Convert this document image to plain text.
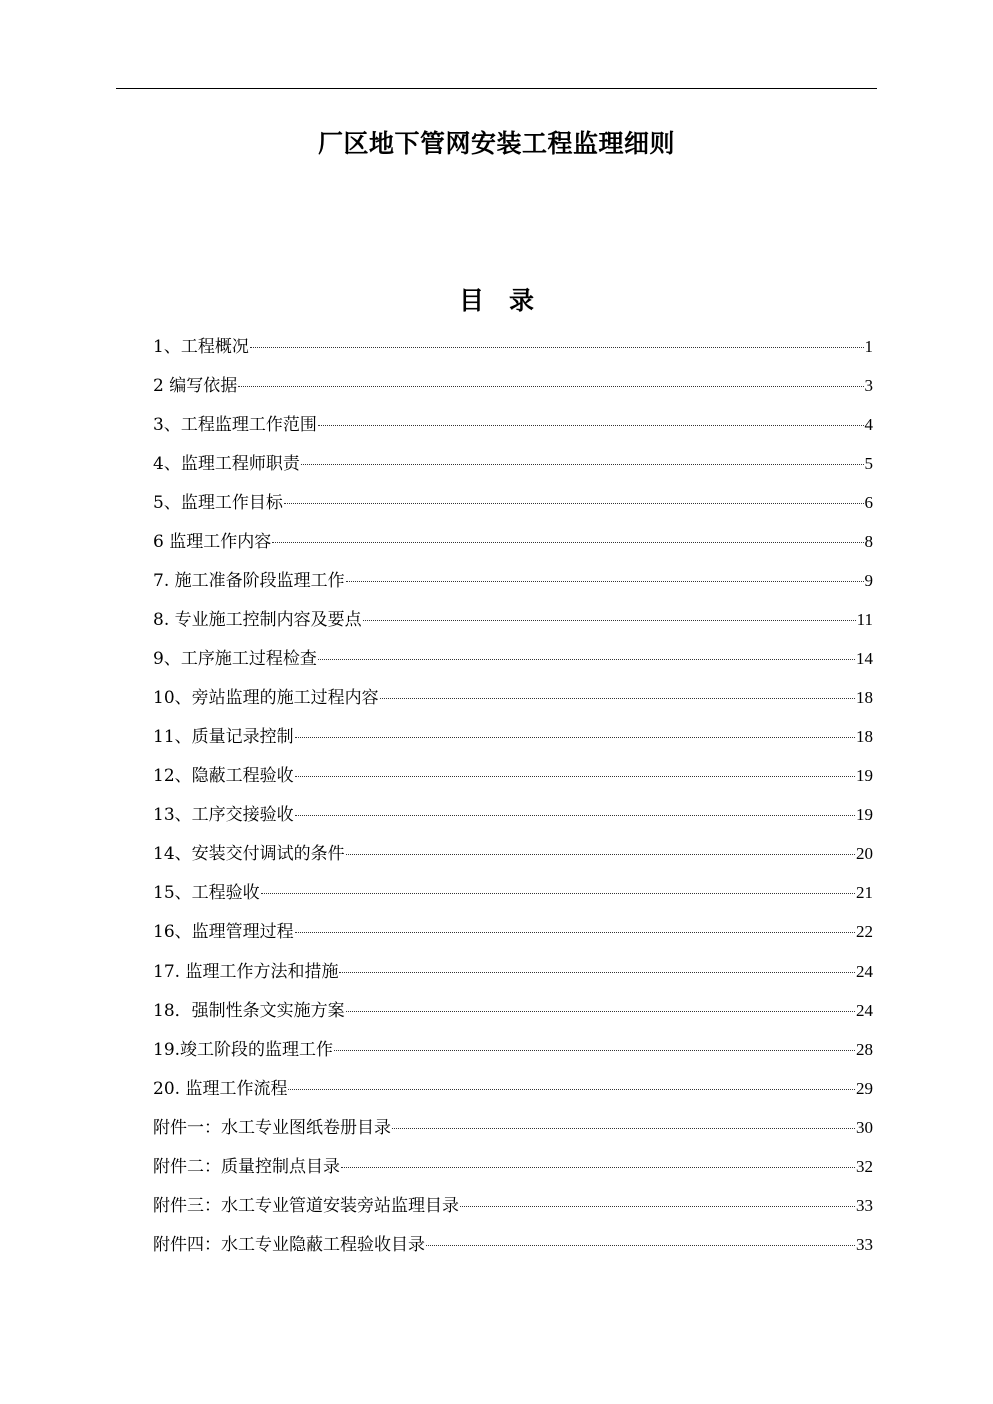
厂区地下管网安装工程监理细则
目　录
1、工程概况	1
2 编写依据	3
3、工程监理工作范围	4
4、监理工程师职责	5
5、监理工作目标	6
6 监理工作内容	8
7. 施工准备阶段监理工作	9
8. 专业施工控制内容及要点	11
9、工序施工过程检查	14
10、旁站监理的施工过程内容	18
11、质量记录控制	18
12、隐蔽工程验收	19
13、工序交接验收	19
14、安装交付调试的条件	20
15、工程验收	21
16、监理管理过程	22
17. 监理工作方法和措施	24
18．强制性条文实施方案	24
19.竣工阶段的监理工作	28
20. 监理工作流程	29
附件一：水工专业图纸卷册目录	30
附件二：质量控制点目录	32
附件三：水工专业管道安装旁站监理目录	33
附件四：水工专业隐蔽工程验收目录	33
